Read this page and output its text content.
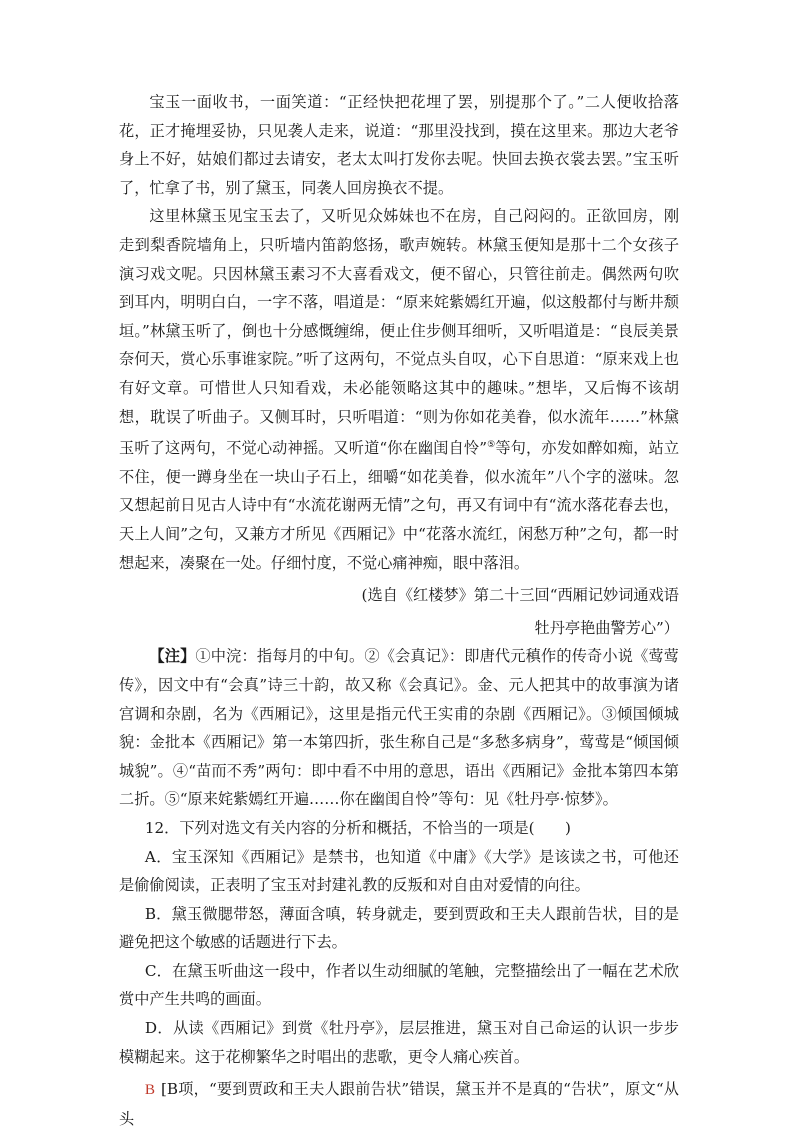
宝玉一面收书，一面笑道：“正经快把花埋了罢，别提那个了。”二人便收拾落花，正才掩埋妥协，只见袭人走来，说道：“那里没找到，摸在这里来。那边大老爷身上不好，姑娘们都过去请安，老太太叫打发你去呢。快回去换衣裳去罢。”宝玉听了，忙拿了书，别了黛玉，同袭人回房换衣不提。

这里林黛玉见宝玉去了，又听见众姊妹也不在房，自己闷闷的。正欲回房，刚走到梨香院墙角上，只听墙内笛韵悠扬，歌声婉转。林黛玉便知是那十二个女孩子演习戏文呢。只因林黛玉素习不大喜看戏文，便不留心，只管往前走。偶然两句吹到耳内，明明白白，一字不落，唱道是：“原来姹紫嫣红开遍，似这般都付与断井颓垣。”林黛玉听了，倒也十分感慨缠绵，便止住步侧耳细听，又听唱道是：“良辰美景奈何天，赏心乐事谁家院。”听了这两句，不觉点头自叹，心下自思道：“原来戏上也有好文章。可惜世人只知看戏，未必能领略这其中的趣味。”想毕，又后悔不该胡想，耽误了听曲子。又侧耳时，只听唱道：“则为你如花美眷，似水流年……”林黛玉听了这两句，不觉心动神摇。又听道“你在幽闺自怜”⑤等句，亦发如醉如痴，站立不住，便一蹲身坐在一块山子石上，细嚼“如花美眷，似水流年”八个字的滋味。忽又想起前日见古人诗中有“水流花谢两无情”之句，再又有词中有“流水落花春去也，天上人间”之句，又兼方才所见《西厢记》中“花落水流红，闲愁万种”之句，都一时想起来，凑聚在一处。仔细忖度，不觉心痛神痴，眼中落泪。

(选自《红楼梦》第二十三回“西厢记妙词通戏语

牡丹亭艳曲警芳心”）

【注】①中浣：指每月的中旬。②《会真记》：即唐代元稹作的传奇小说《莺莺传》，因文中有“会真”诗三十韵，故又称《会真记》。金、元人把其中的故事演为诸宫调和杂剧，名为《西厢记》，这里是指元代王实甫的杂剧《西厢记》。③倾国倾城貌：金批本《西厢记》第一本第四折，张生称自己是“多愁多病身”，莺莺是“倾国倾城貌”。④“苗而不秀”两句：即中看不中用的意思，语出《西厢记》金批本第四本第二折。⑤“原来姹紫嫣红开遍……你在幽闺自怜”等句：见《牡丹亭·惊梦》。

12．下列对选文有关内容的分析和概括，不恰当的一项是(　　)

A．宝玉深知《西厢记》是禁书，也知道《中庸》《大学》是该读之书，可他还是偷偷阅读，正表明了宝玉对封建礼教的反叛和对自由对爱情的向往。

B．黛玉微腮带怒，薄面含嗔，转身就走，要到贾政和王夫人跟前告状，目的是避免把这个敏感的话题进行下去。

C．在黛玉听曲这一段中，作者以生动细腻的笔触，完整描绘出了一幅在艺术欣赏中产生共鸣的画面。

D．从读《西厢记》到赏《牡丹亭》，层层推进，黛玉对自己命运的认识一步步模糊起来。这于花柳繁华之时唱出的悲歌，更令人痛心疾首。

B [B项，“要到贾政和王夫人跟前告状”错误，黛玉并不是真的“告状”，原文“从头
